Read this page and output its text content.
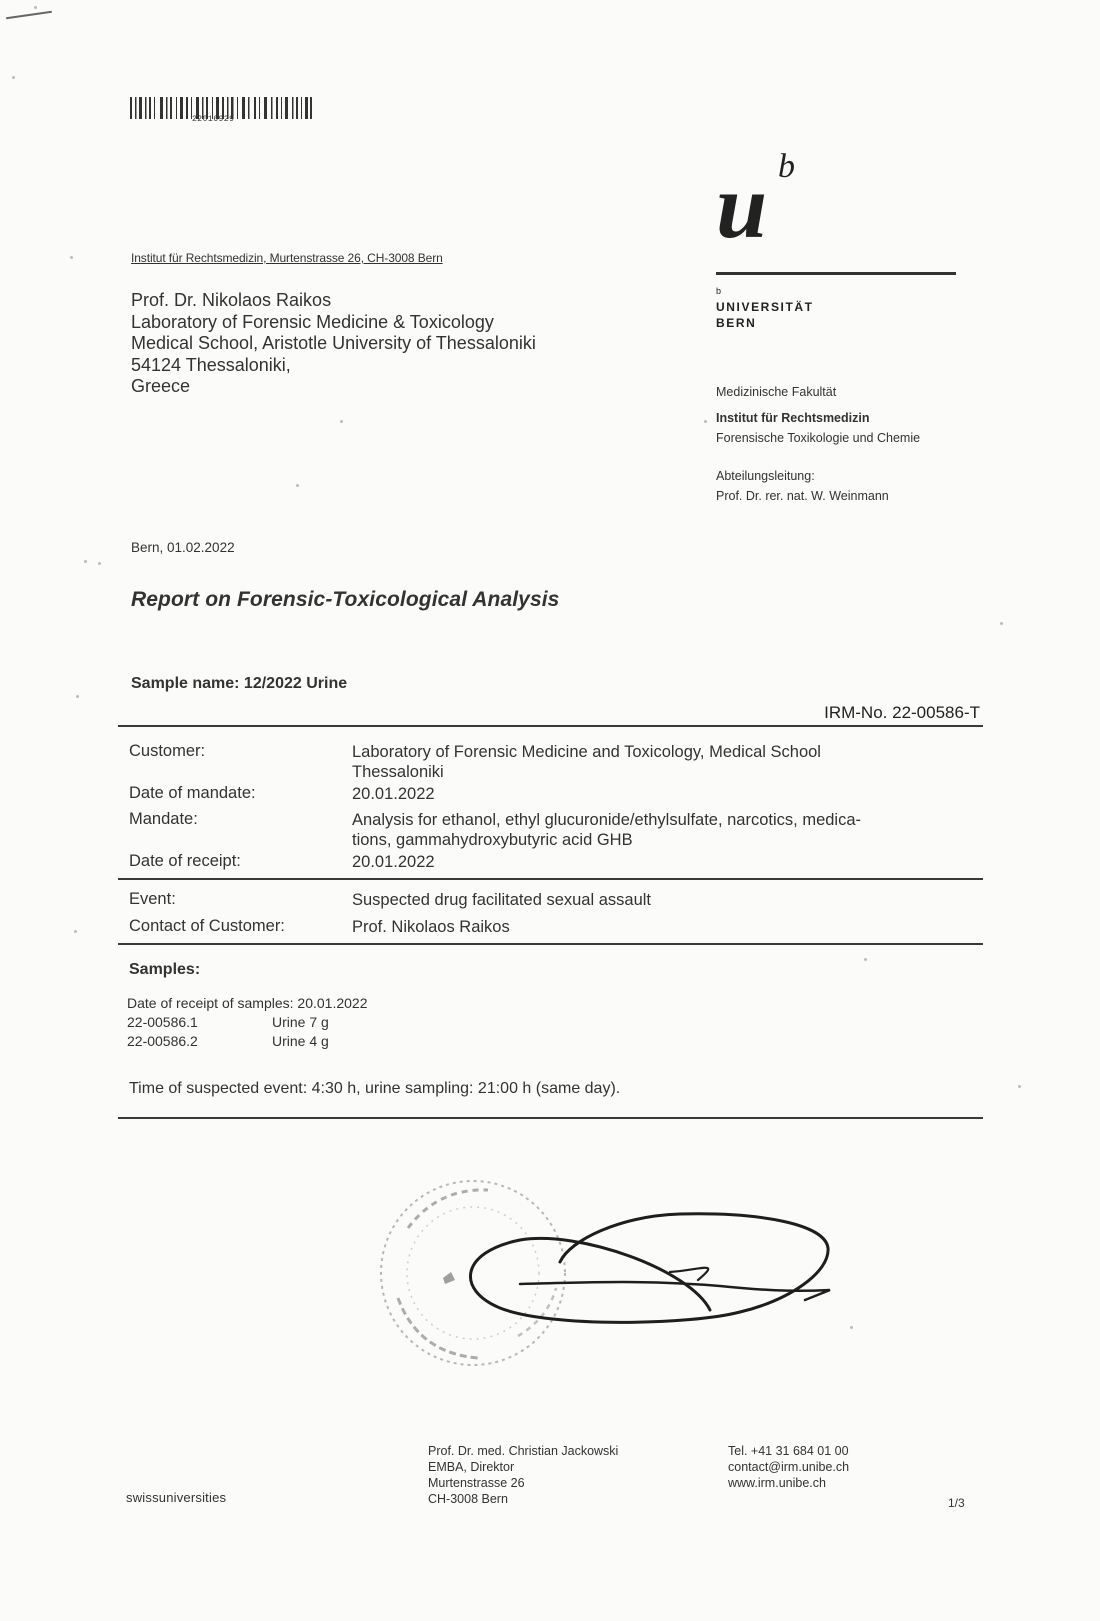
22016929
Institut für Rechtsmedizin, Murtenstrasse 26, CH-3008 Bern
Prof. Dr. Nikolaos Raikos
Laboratory of Forensic Medicine & Toxicology
Medical School, Aristotle University of Thessaloniki
54124 Thessaloniki,
Greece
u b
b
UNIVERSITÄT
BERN
Medizinische Fakultät
Institut für Rechtsmedizin
Forensische Toxikologie und Chemie
Abteilungsleitung:
Prof. Dr. rer. nat. W. Weinmann
Bern, 01.02.2022
Report on Forensic-Toxicological Analysis
Sample name: 12/2022 Urine
IRM-No. 22-00586-T
Customer:	Laboratory of Forensic Medicine and Toxicology, Medical School
Thessaloniki
Date of mandate:	20.01.2022
Mandate:	Analysis for ethanol, ethyl glucuronide/ethylsulfate, narcotics, medica-
tions, gammahydroxybutyric acid GHB
Date of receipt:	20.01.2022
Event:	Suspected drug facilitated sexual assault
Contact of Customer:	Prof. Nikolaos Raikos
Samples:
Date of receipt of samples: 20.01.2022
22-00586.1	Urine 7 g
22-00586.2	Urine 4 g
Time of suspected event: 4:30 h, urine sampling: 21:00 h (same day).
swissuniversities
Prof. Dr. med. Christian Jackowski
EMBA, Direktor
Murtenstrasse 26
CH-3008 Bern
Tel. +41 31 684 01 00
contact@irm.unibe.ch
www.irm.unibe.ch
1/3
